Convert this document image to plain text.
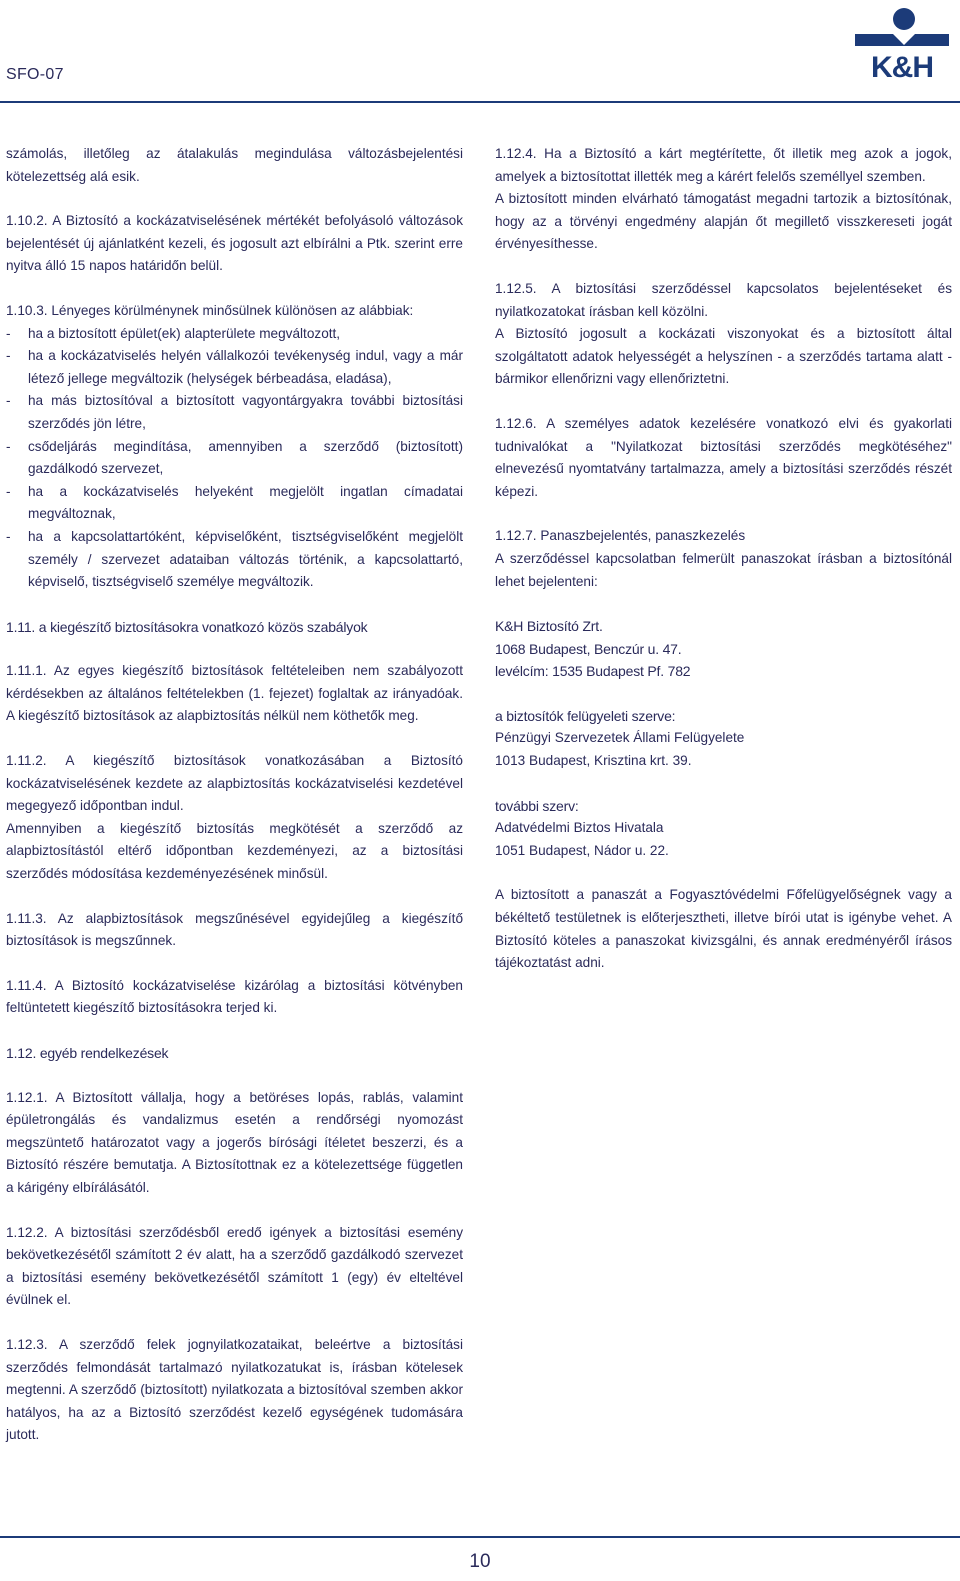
SFO-07	K&H

számolás, illetőleg az átalakulás megindulása változásbejelentési kötelezettség alá esik.

1.10.2. A Biztosító a kockázatviselésének mértékét befolyásoló változások bejelentését új ajánlatként kezeli, és jogosult azt elbírálni a Ptk. szerint erre nyitva álló 15 napos határidőn belül.

1.10.3. Lényeges körülménynek minősülnek különösen az alábbiak:

- ha a biztosított épület(ek) alapterülete megváltozott,
- ha a kockázatviselés helyén vállalkozói tevékenység indul, vagy a már létező jellege megváltozik (helységek bérbeadása, eladása),
- ha más biztosítóval a biztosított vagyontárgyakra további biztosítási szerződés jön létre,
- csődeljárás megindítása, amennyiben a szerződő (biztosított) gazdálkodó szervezet,
- ha a kockázatviselés helyeként megjelölt ingatlan címadatai megváltoznak,
- ha a kapcsolattartóként, képviselőként, tisztségviselőként megjelölt személy / szervezet adataiban változás történik, a kapcsolattartó, képviselő, tisztségviselő személye megváltozik.

1.11. a kiegészítő biztosításokra vonatkozó közös szabályok

1.11.1. Az egyes kiegészítő biztosítások feltételeiben nem szabályozott kérdésekben az általános feltételekben (1. fejezet) foglaltak az irányadóak. A kiegészítő biztosítások az alapbiztosítás nélkül nem köthetők meg.

1.11.2. A kiegészítő biztosítások vonatkozásában a Biztosító kockázatviselésének kezdete az alapbiztosítás kockázatviselési kezdetével megegyező időpontban indul.

Amennyiben a kiegészítő biztosítás megkötését a szerződő az alapbiztosítástól eltérő időpontban kezdeményezi, az a biztosítási szerződés módosítása kezdeményezésének minősül.

1.11.3. Az alapbiztosítások megszűnésével egyidejűleg a kiegészítő biztosítások is megszűnnek.

1.11.4. A Biztosító kockázatviselése kizárólag a biztosítási kötvényben feltüntetett kiegészítő biztosításokra terjed ki.

1.12. egyéb rendelkezések

1.12.1. A Biztosított vállalja, hogy a betöréses lopás, rablás, valamint épületrongálás és vandalizmus esetén a rendőrségi nyomozást megszüntető határozatot vagy a jogerős bírósági ítéletet beszerzi, és a Biztosító részére bemutatja. A Biztosítottnak ez a kötelezettsége független a kárigény elbírálásától.

1.12.2. A biztosítási szerződésből eredő igények a biztosítási esemény bekövetkezésétől számított 2 év alatt, ha a szerződő gazdálkodó szervezet a biztosítási esemény bekövetkezésétől számított 1 (egy) év elteltével évülnek el.

1.12.3. A szerződő felek jognyilatkozataikat, beleértve a biztosítási szerződés felmondását tartalmazó nyilatkozatukat is, írásban kötelesek megtenni. A szerződő (biztosított) nyilatkozata a biztosítóval szemben akkor hatályos, ha az a Biztosító szerződést kezelő egységének tudomására jutott.

1.12.4. Ha a Biztosító a kárt megtérítette, őt illetik meg azok a jogok, amelyek a biztosítottat illették meg a kárért felelős személlyel szemben.

A biztosított minden elvárható támogatást megadni tartozik a biztosítónak, hogy az a törvényi engedmény alapján őt megillető visszkereseti jogát érvényesíthesse.

1.12.5. A biztosítási szerződéssel kapcsolatos bejelentéseket és nyilatkozatokat írásban kell közölni.

A Biztosító jogosult a kockázati viszonyokat és a biztosított által szolgáltatott adatok helyességét a helyszínen - a szerződés tartama alatt - bármikor ellenőrizni vagy ellenőriztetni.

1.12.6. A személyes adatok kezelésére vonatkozó elvi és gyakorlati tudnivalókat a "Nyilatkozat biztosítási szerződés megkötéséhez" elnevezésű nyomtatvány tartalmazza, amely a biztosítási szerződés részét képezi.

1.12.7. Panaszbejelentés, panaszkezelés

A szerződéssel kapcsolatban felmerült panaszokat írásban a biztosítónál lehet bejelenteni:

K&H Biztosító Zrt.

1068 Budapest, Benczúr u. 47.

levélcím: 1535 Budapest Pf. 782

a biztosítók felügyeleti szerve:

Pénzügyi Szervezetek Állami Felügyelete

1013 Budapest, Krisztina krt. 39.

további szerv:

Adatvédelmi Biztos Hivatala

1051 Budapest, Nádor u. 22.

A biztosított a panaszát a Fogyasztóvédelmi Főfelügyelőségnek vagy a békéltető testületnek is előterjesztheti, illetve bírói utat is igénybe vehet. A Biztosító köteles a panaszokat kivizsgálni, és annak eredményéről írásos tájékoztatást adni.

10
